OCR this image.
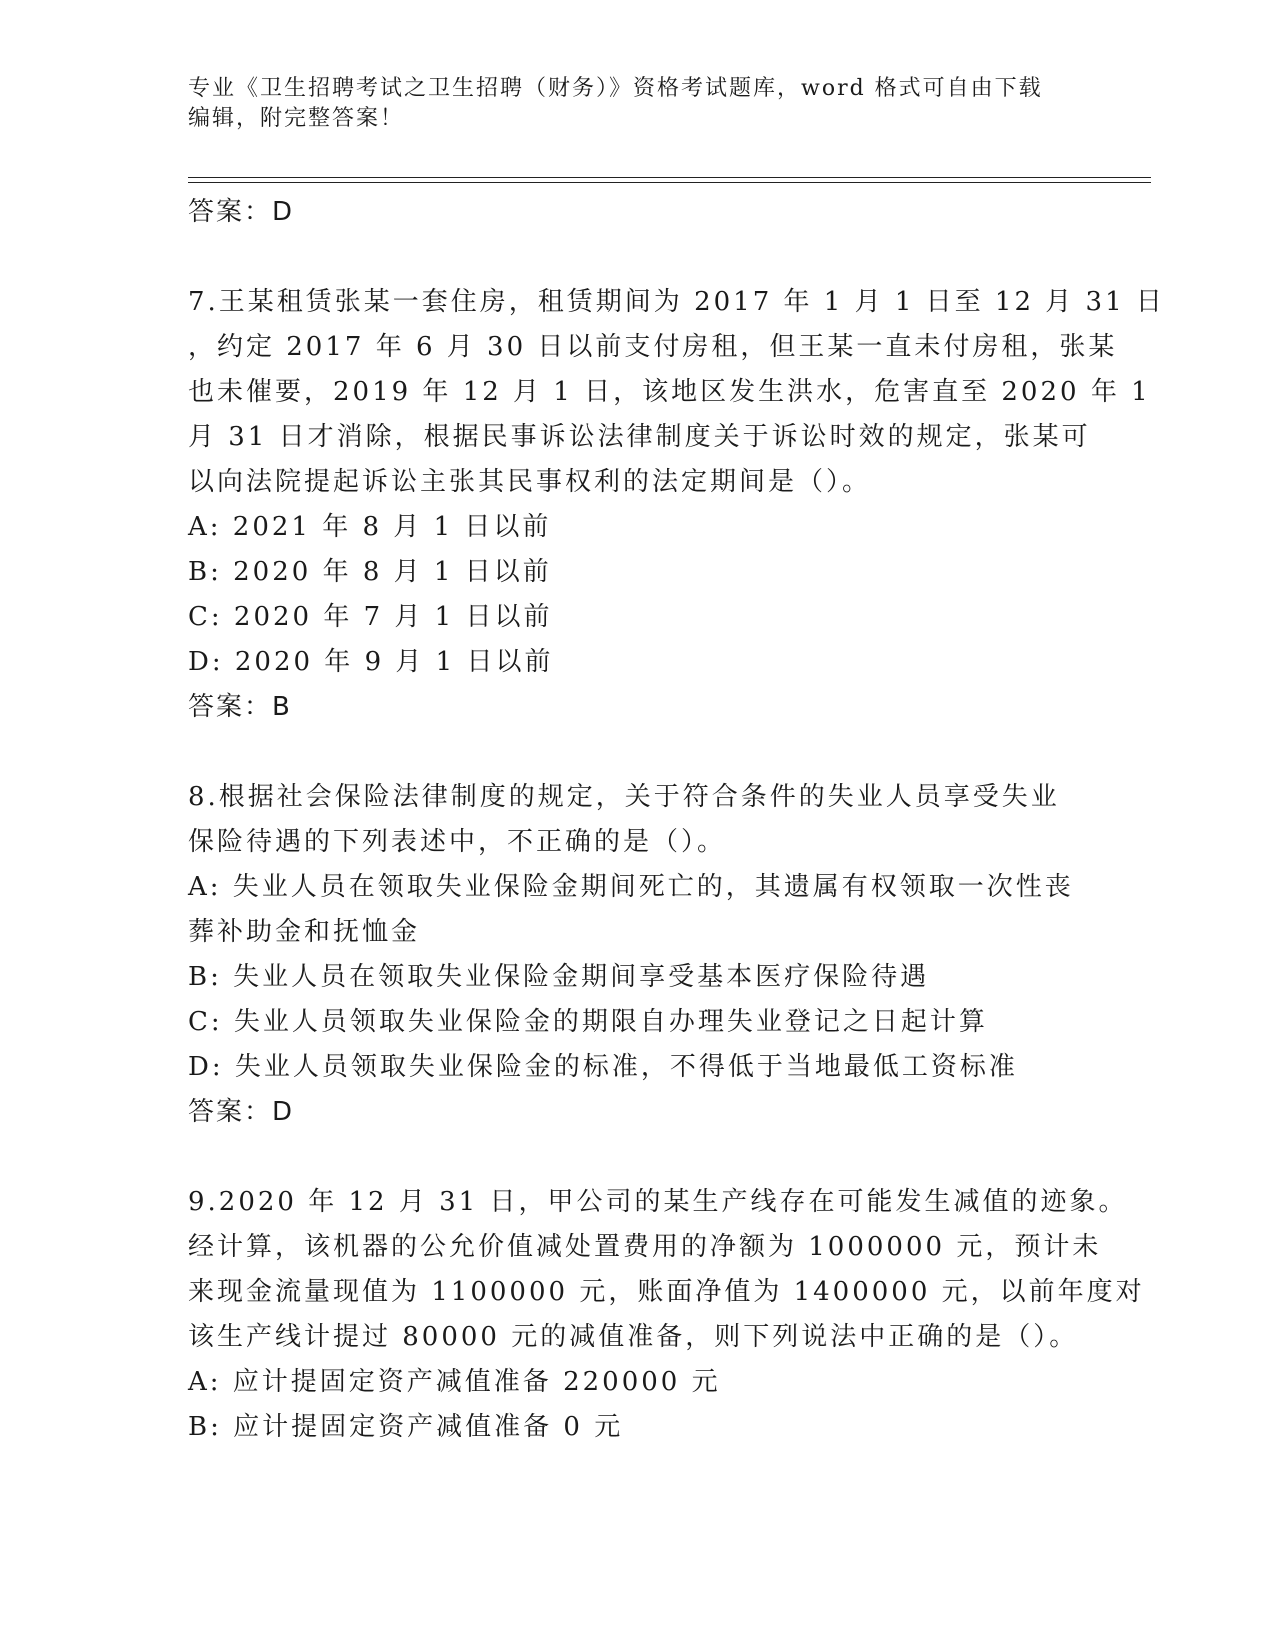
专业《卫生招聘考试之卫生招聘（财务）》资格考试题库，word 格式可自由下载
编辑，附完整答案！
答案：D
7.王某租赁张某一套住房，租赁期间为 2017 年 1 月 1 日至 12 月 31 日
，约定 2017 年 6 月 30 日以前支付房租，但王某一直未付房租，张某
也未催要，2019 年 12 月 1 日，该地区发生洪水，危害直至 2020 年 1
月 31 日才消除，根据民事诉讼法律制度关于诉讼时效的规定，张某可
以向法院提起诉讼主张其民事权利的法定期间是（）。
A: 2021 年 8 月 1 日以前
B: 2020 年 8 月 1 日以前
C: 2020 年 7 月 1 日以前
D: 2020 年 9 月 1 日以前
答案：B
8.根据社会保险法律制度的规定，关于符合条件的失业人员享受失业
保险待遇的下列表述中，不正确的是（）。
A: 失业人员在领取失业保险金期间死亡的，其遗属有权领取一次性丧
葬补助金和抚恤金
B: 失业人员在领取失业保险金期间享受基本医疗保险待遇
C: 失业人员领取失业保险金的期限自办理失业登记之日起计算
D: 失业人员领取失业保险金的标准，不得低于当地最低工资标准
答案：D
9.2020 年 12 月 31 日，甲公司的某生产线存在可能发生减值的迹象。
经计算，该机器的公允价值减处置费用的净额为 1000000 元，预计未
来现金流量现值为 1100000 元，账面净值为 1400000 元，以前年度对
该生产线计提过 80000 元的减值准备，则下列说法中正确的是（）。
A: 应计提固定资产减值准备 220000 元
B: 应计提固定资产减值准备 0 元
